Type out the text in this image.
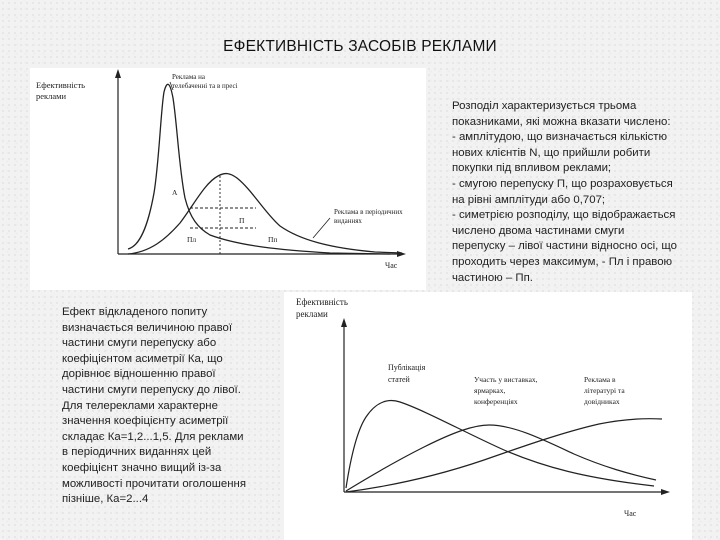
ЕФЕКТИВНІСТЬ ЗАСОБІВ РЕКЛАМИ
Ефективність
реклами
Час
Реклама на
телебаченні та в пресі
A
П
Пл	Пп
Реклама в періодичних
виданнях

Розподіл характеризується трьома

показниками, які можна вказати числено:

- амплітудою, що визначається кількістю

нових клієнтів N, що прийшли робити

покупки під впливом реклами;

- смугою перепуску П, що розраховується

на рівні амплітуди або 0,707;

- симетрією розподілу, що відображається

числено двома частинами смуги

перепуску – лівої частини відносно осі, що

проходить через максимум, - Пл і правою

частиною – Пп.

Ефект відкладеного попиту

визначається величиною правої

частини смуги перепуску або

коефіцієнтом асиметрії Ка, що

дорівнює відношенню правої

частини смуги перепуску до лівої.

Для телереклами характерне

значення коефіцієнту асиметрії

складає Ка=1,2...1,5. Для реклами

в періодичних виданнях цей

коефіцієнт значно вищий із-за

можливості прочитати оголошення

пізніше, Ка=2...4

Ефективність
реклами
Час
Публікація
статей	Участь у виставках,
ярмарках,
конференціях
Реклама в
літературі та
довідниках
